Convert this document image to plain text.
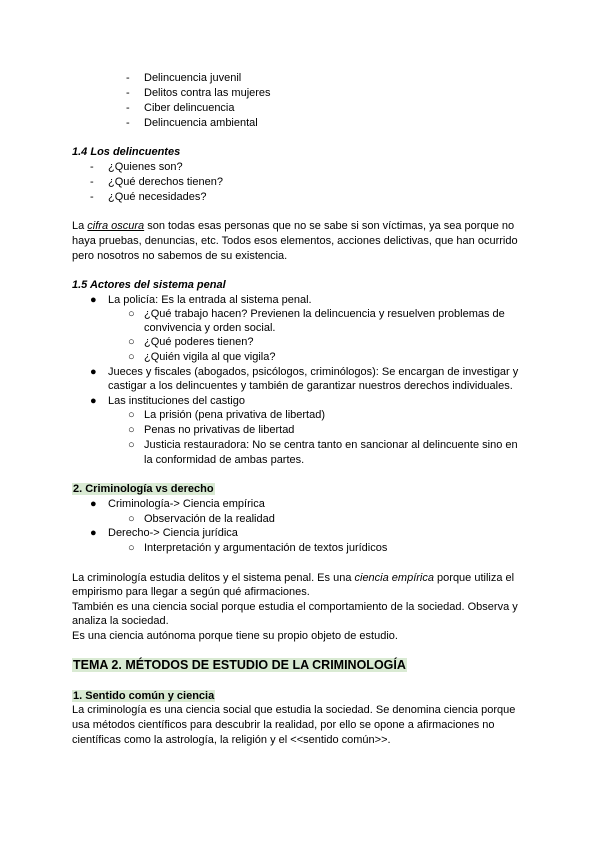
- Delincuencia juvenil
- Delitos contra las mujeres
- Ciber delincuencia
- Delincuencia ambiental
1.4 Los delincuentes
- ¿Quienes son?
- ¿Qué derechos tienen?
- ¿Qué necesidades?
La cifra oscura son todas esas personas que no se sabe si son víctimas, ya sea porque no
haya pruebas, denuncias, etc. Todos esos elementos, acciones delictivas, que han ocurrido
pero nosotros no sabemos de su existencia.
1.5 Actores del sistema penal
● La policía: Es la entrada al sistema penal.
○ ¿Qué trabajo hacen? Previenen la delincuencia y resuelven problemas de
convivencia y orden social.
○ ¿Qué poderes tienen?
○ ¿Quién vigila al que vigila?
● Jueces y fiscales (abogados, psicólogos, criminólogos): Se encargan de investigar y
castigar a los delincuentes y también de garantizar nuestros derechos individuales.
● Las instituciones del castigo
○ La prisión (pena privativa de libertad)
○ Penas no privativas de libertad
○ Justicia restauradora: No se centra tanto en sancionar al delincuente sino en
la conformidad de ambas partes.
2. Criminología vs derecho
● Criminología-> Ciencia empírica
○ Observación de la realidad
● Derecho-> Ciencia jurídica
○ Interpretación y argumentación de textos jurídicos
La criminología estudia delitos y el sistema penal. Es una ciencia empírica porque utiliza el
empirismo para llegar a según qué afirmaciones.
También es una ciencia social porque estudia el comportamiento de la sociedad. Observa y
analiza la sociedad.
Es una ciencia autónoma porque tiene su propio objeto de estudio.
TEMA 2. MÉTODOS DE ESTUDIO DE LA CRIMINOLOGÍA
1. Sentido común y ciencia
La criminología es una ciencia social que estudia la sociedad. Se denomina ciencia porque
usa métodos científicos para descubrir la realidad, por ello se opone a afirmaciones no
científicas como la astrología, la religión y el <<sentido común>>.
